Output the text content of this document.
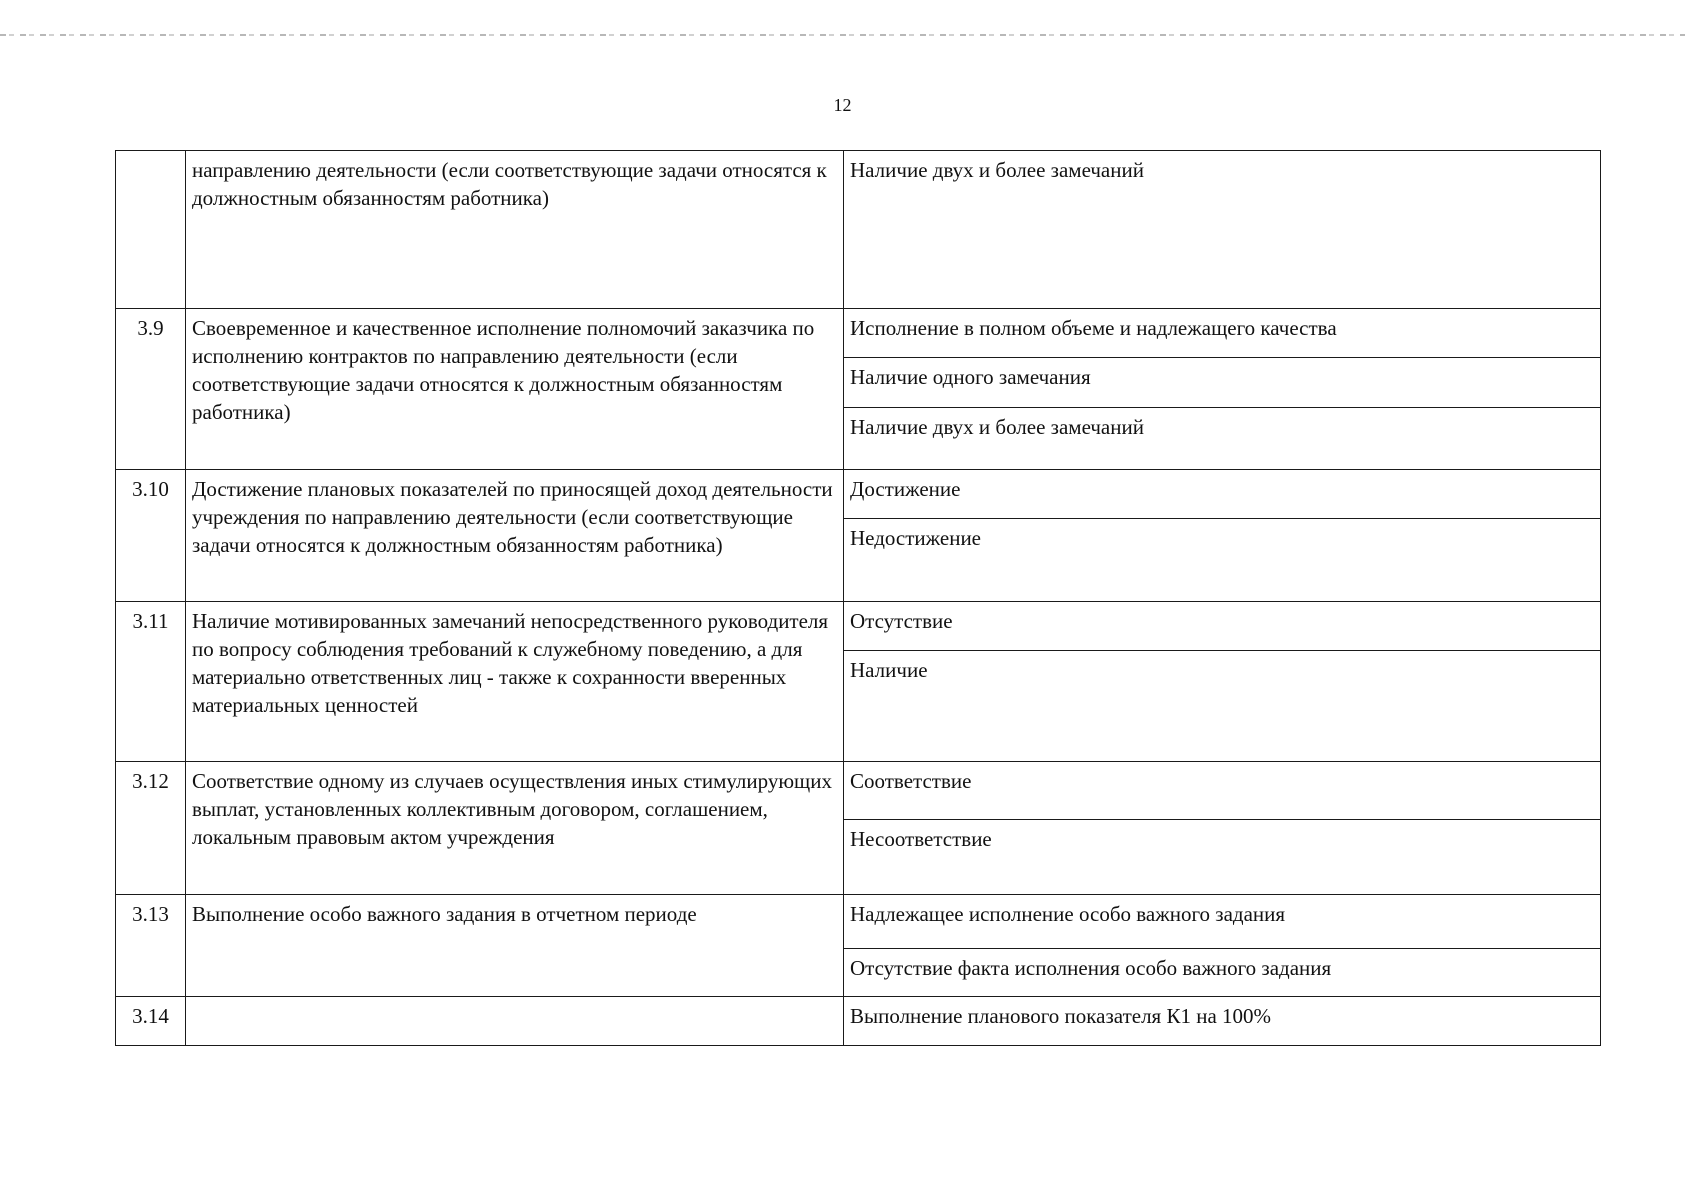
12
	направлению деятельности (если соответствующие задачи относятся к должностным обязанностям работника)	Наличие двух и более замечаний
3.9	Своевременное и качественное исполнение полномочий заказчика по исполнению контрактов по направлению деятельности (если соответствующие задачи относятся к должностным обязанностям работника)	Исполнение в полном объеме и надлежащего качества
		Наличие одного замечания
		Наличие двух и более замечаний
3.10	Достижение плановых показателей по приносящей доход деятельности учреждения по направлению деятельности (если соответствующие задачи относятся к должностным обязанностям работника)	Достижение
		Недостижение
3.11	Наличие мотивированных замечаний непосредственного руководителя по вопросу соблюдения требований к служебному поведению, а для материально ответственных лиц - также к сохранности вверенных материальных ценностей	Отсутствие
		Наличие
3.12	Соответствие одному из случаев осуществления иных стимулирующих выплат, установленных коллективным договором, соглашением, локальным правовым актом учреждения	Соответствие
		Несоответствие
3.13	Выполнение особо важного задания в отчетном периоде	Надлежащее исполнение особо важного задания
		Отсутствие факта исполнения особо важного задания
3.14		Выполнение планового показателя К1 на 100%
